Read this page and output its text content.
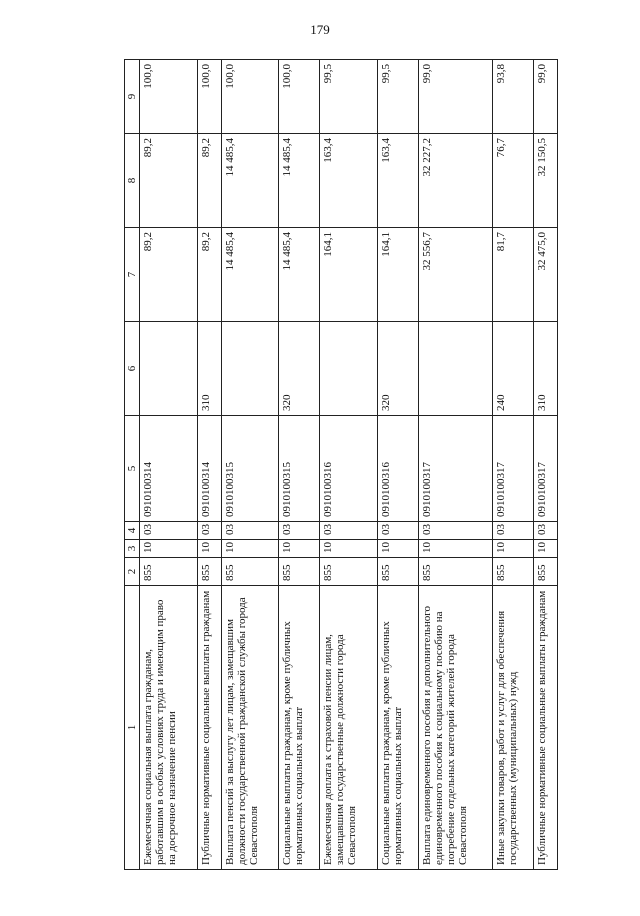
179
1	2	3	4	5	6	7	8	9
Ежемесячная социальная выплата гражданам, работавшим в особых условиях труда и имеющим право на досрочное назначение пенсии	855	10	03	0910100314		89,2	89,2	100,0
Публичные нормативные социальные выплаты гражданам	855	10	03	0910100314	310	89,2	89,2	100,0
Выплата пенсий за выслугу лет лицам, замещавшим должности государственной гражданской службы города Севастополя	855	10	03	0910100315		14 485,4	14 485,4	100,0
Социальные выплаты гражданам, кроме публичных нормативных социальных выплат	855	10	03	0910100315	320	14 485,4	14 485,4	100,0
Ежемесячная доплата к страховой пенсии лицам, замещавшим государственные должности города Севастополя	855	10	03	0910100316		164,1	163,4	99,5
Социальные выплаты гражданам, кроме публичных нормативных социальных выплат	855	10	03	0910100316	320	164,1	163,4	99,5
Выплата единовременного пособия и дополнительного единовременного пособия к социальному пособию на погребение отдельных категорий жителей города Севастополя	855	10	03	0910100317		32 556,7	32 227,2	99,0
Иные закупки товаров, работ и услуг для обеспечения государственных (муниципальных) нужд	855	10	03	0910100317	240	81,7	76,7	93,8
Публичные нормативные социальные выплаты гражданам	855	10	03	0910100317	310	32 475,0	32 150,5	99,0
